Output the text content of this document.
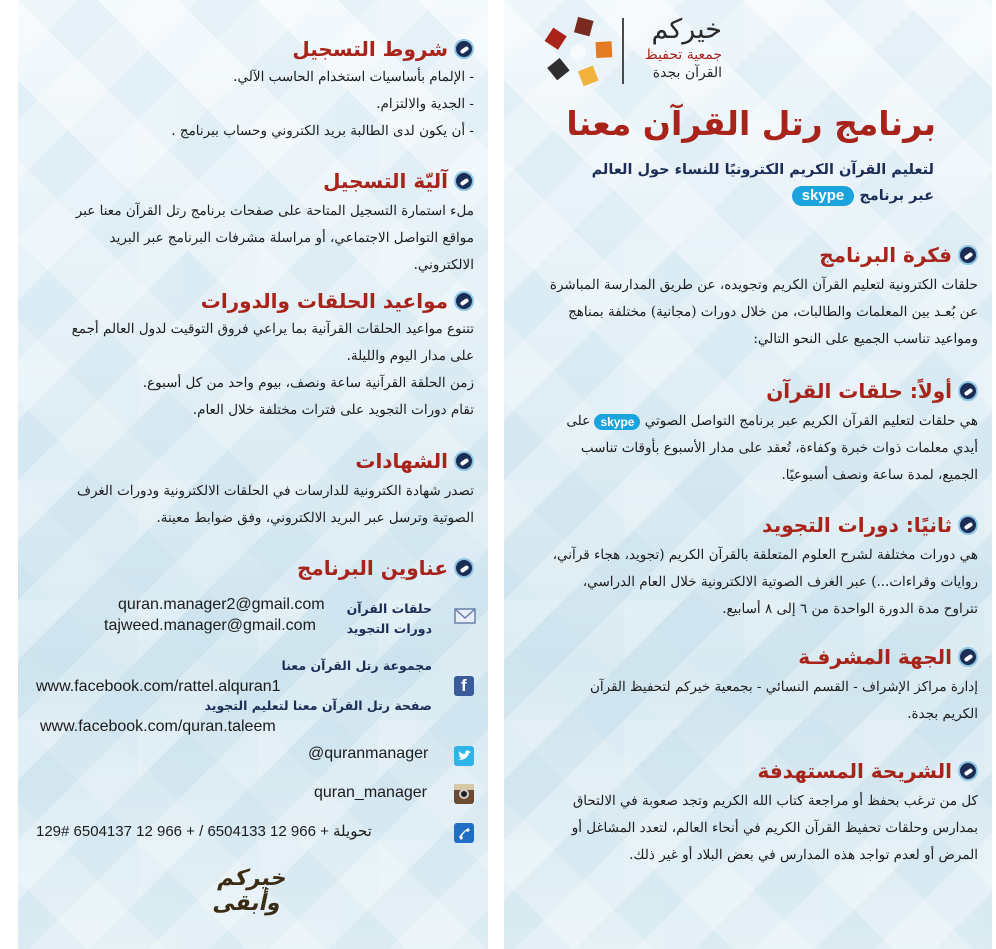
شروط التسجيل
- الإلمام بأساسيات استخدام الحاسب الآلي.
- الجدية والالتزام.
- أن يكون لدى الطالبة بريد الكتروني وحساب ببرنامج .
آليّة التسجيل
ملء استمارة التسجيل المتاحة على صفحات برنامج رتل القرآن معنا عبر
مواقع التواصل الاجتماعي، أو مراسلة مشرفات البرنامج عبر البريد
الالكتروني.
مواعيد الحلقات والدورات
تتنوع مواعيد الحلقات القرآنية بما يراعي فروق التوقيت لدول العالم أجمع
على مدار اليوم والليلة.
زمن الحلقة القرآنية ساعة ونصف، بيوم واحد من كل أسبوع.
تقام دورات التجويد على فترات مختلفة خلال العام.
الشهادات
تصدر شهادة الكترونية للدارسات في الحلقات الالكترونية ودورات الغرف
الصوتية وترسل عبر البريد الالكتروني، وفق ضوابط معينة.
عناوين البرنامج
حلقات القرآن
دورات التجويد
quran.manager2@gmail.com
tajweed.manager@gmail.com
f
مجموعة رتل القرآن معنا
www.facebook.com/rattel.alquran1
صفحة رتل القرآن معنا لتعليم التجويد
www.facebook.com/quran.taleem
@quranmanager
quran_manager
129# تحويلة + 966 12 6504133 / + 966 12 6504137
خيركم وأبقى
خيركم
جمعية تحفيظ
القرآن بجدة
برنامج رتل القرآن معنا
لتعليم القرآن الكريم الكترونيًا للنساء حول العالم
عبر برنامج skype
فكرة البرنامج
حلقات الكترونية لتعليم القرآن الكريم وتجويده، عن طريق المدارسة المباشرة
عن بُعـد بين المعلمات والطالبات، من خلال دورات (مجانية) مختلفة بمناهج
ومواعيد تناسب الجميع على النحو التالي:
أولاً: حلقات القرآن
هي حلقات لتعليم القرآن الكريم عبر برنامج التواصل الصوتي skype على
أيدي معلمات ذوات خبرة وكفاءة، تُعقد على مدار الأسبوع بأوقات تناسب
الجميع، لمدة ساعة ونصف أسبوعيًا.
ثانيًا: دورات التجويد
هي دورات مختلفة لشرح العلوم المتعلقة بالقرآن الكريم (تجويد، هجاء قرآني،
روايات وقراءات...) عبر الغرف الصوتية الالكترونية خلال العام الدراسي،
تتراوح مدة الدورة الواحدة من ٦ إلى ٨ أسابيع.
الجهة المشرفـة
إدارة مراكز الإشراف - القسم النسائي - بجمعية خيركم لتحفيظ القرآن
الكريم بجدة.
الشريحة المستهدفة
كل من ترغب بحفظ أو مراجعة كتاب الله الكريم وتجد صعوبة في الالتحاق
بمدارس وحلقات تحفيظ القرآن الكريم في أنحاء العالم، لتعدد المشاغل أو
المرض أو لعدم تواجد هذه المدارس في بعض البلاد أو غير ذلك.
